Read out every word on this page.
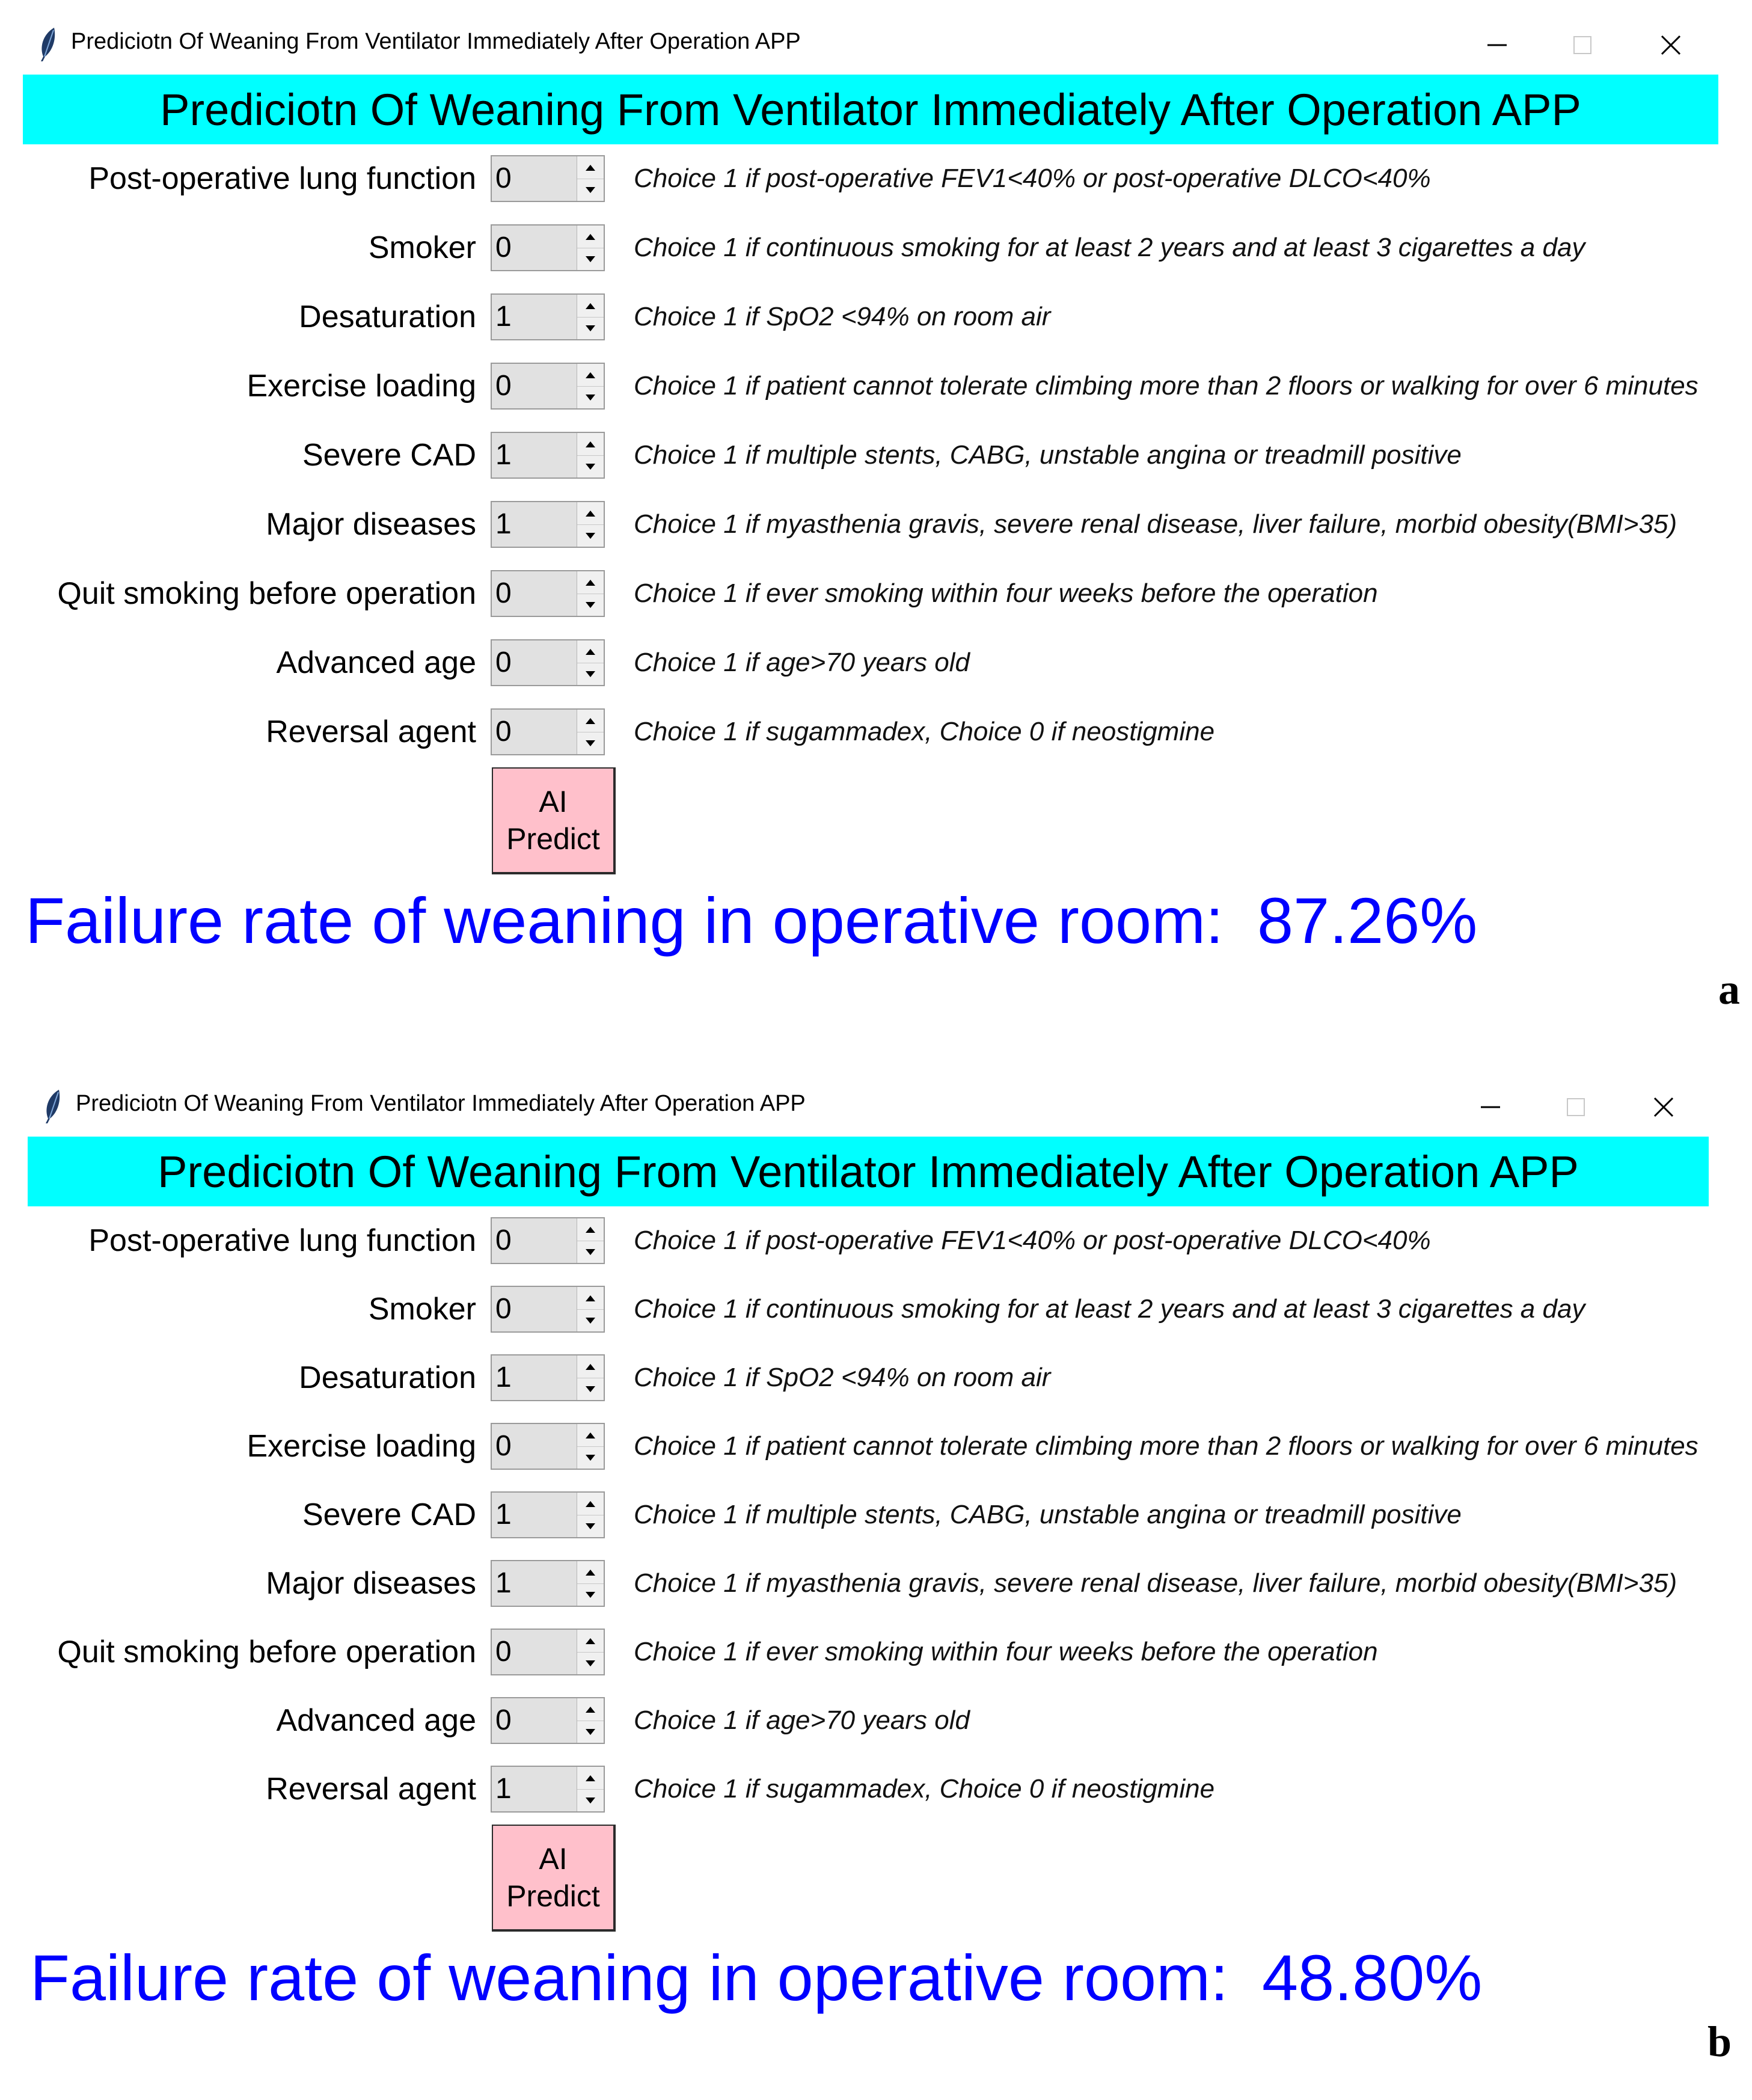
Prediciotn Of Weaning From Ventilator Immediately After Operation APP
Prediciotn Of Weaning From Ventilator Immediately After Operation APP
Post-operative lung function 0	Choice 1 if post-operative FEV1<40% or post-operative DLCO<40%
Smoker 0	Choice 1 if continuous smoking for at least 2 years and at least 3 cigarettes a day
Desaturation 1	Choice 1 if SpO2 <94% on room air
Exercise loading 0	Choice 1 if patient cannot tolerate climbing more than 2 floors or walking for over 6 minutes
Severe CAD 1	Choice 1 if multiple stents, CABG, unstable angina or treadmill positive
Major diseases 1	Choice 1 if myasthenia gravis, severe renal disease, liver failure, morbid obesity(BMI>35)
Quit smoking before operation 0	Choice 1 if ever smoking within four weeks before the operation
Advanced age 0	Choice 1 if age>70 years old
Reversal agent 0	Choice 1 if sugammadex, Choice 0 if neostigmine
AI
Predict
Failure rate of weaning in operative room: 87.26%
a
Prediciotn Of Weaning From Ventilator Immediately After Operation APP
Prediciotn Of Weaning From Ventilator Immediately After Operation APP
Post-operative lung function 0	Choice 1 if post-operative FEV1<40% or post-operative DLCO<40%
Smoker 0	Choice 1 if continuous smoking for at least 2 years and at least 3 cigarettes a day
Desaturation 1	Choice 1 if SpO2 <94% on room air
Exercise loading 0	Choice 1 if patient cannot tolerate climbing more than 2 floors or walking for over 6 minutes
Severe CAD 1	Choice 1 if multiple stents, CABG, unstable angina or treadmill positive
Major diseases 1	Choice 1 if myasthenia gravis, severe renal disease, liver failure, morbid obesity(BMI>35)
Quit smoking before operation 0	Choice 1 if ever smoking within four weeks before the operation
Advanced age 0	Choice 1 if age>70 years old
Reversal agent 1	Choice 1 if sugammadex, Choice 0 if neostigmine
AI
Predict
Failure rate of weaning in operative room: 48.80%
b
